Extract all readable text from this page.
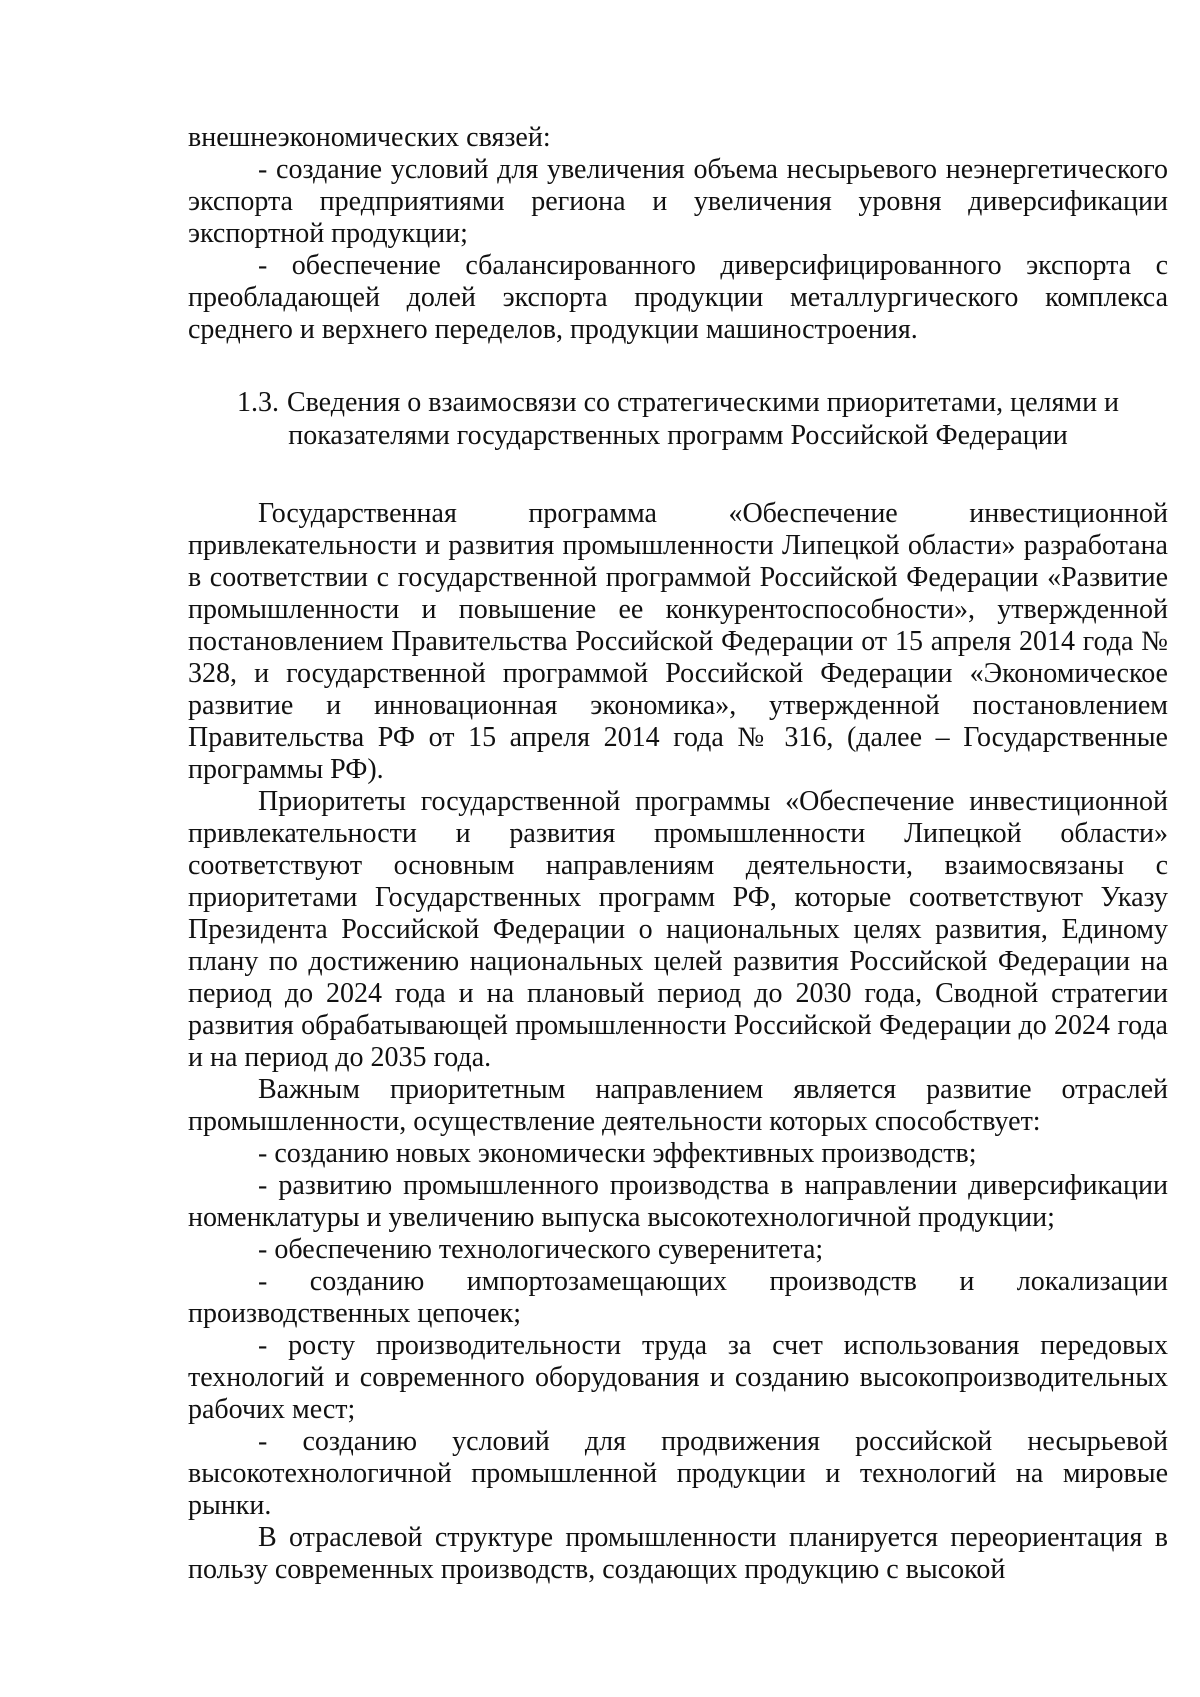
внешнеэкономических связей:

- создание условий для увеличения объема несырьевого неэнергетического экспорта предприятиями региона и увеличения уровня диверсификации экспортной продукции;

- обеспечение сбалансированного диверсифицированного экспорта с преобладающей долей экспорта продукции металлургического комплекса среднего и верхнего переделов, продукции машиностроения.

1.3. Сведения о взаимосвязи со стратегическими приоритетами, целями и
показателями государственных программ Российской Федерации

Государственная программа «Обеспечение инвестиционной привлекательности и развития промышленности Липецкой области» разработана в соответствии с государственной программой Российской Федерации «Развитие промышленности и повышение ее конкурентоспособности», утвержденной постановлением Правительства Российской Федерации от 15 апреля 2014 года № 328, и государственной программой Российской Федерации «Экономическое развитие и инновационная экономика», утвержденной постановлением Правительства РФ от 15 апреля 2014 года № 316, (далее – Государственные программы РФ).

Приоритеты государственной программы «Обеспечение инвестиционной привлекательности и развития промышленности Липецкой области» соответствуют основным направлениям деятельности, взаимосвязаны с приоритетами Государственных программ РФ, которые соответствуют Указу Президента Российской Федерации о национальных целях развития, Единому плану по достижению национальных целей развития Российской Федерации на период до 2024 года и на плановый период до 2030 года, Сводной стратегии развития обрабатывающей промышленности Российской Федерации до 2024 года и на период до 2035 года.

Важным приоритетным направлением является развитие отраслей промышленности, осуществление деятельности которых способствует:

- созданию новых экономически эффективных производств;

- развитию промышленного производства в направлении диверсификации номенклатуры и увеличению выпуска высокотехнологичной продукции;

- обеспечению технологического суверенитета;

- созданию импортозамещающих производств и локализации производственных цепочек;

- росту производительности труда за счет использования передовых технологий и современного оборудования и созданию высокопроизводительных рабочих мест;

- созданию условий для продвижения российской несырьевой высокотехнологичной промышленной продукции и технологий на мировые рынки.

В отраслевой структуре промышленности планируется переориентация в пользу современных производств, создающих продукцию с высокой
